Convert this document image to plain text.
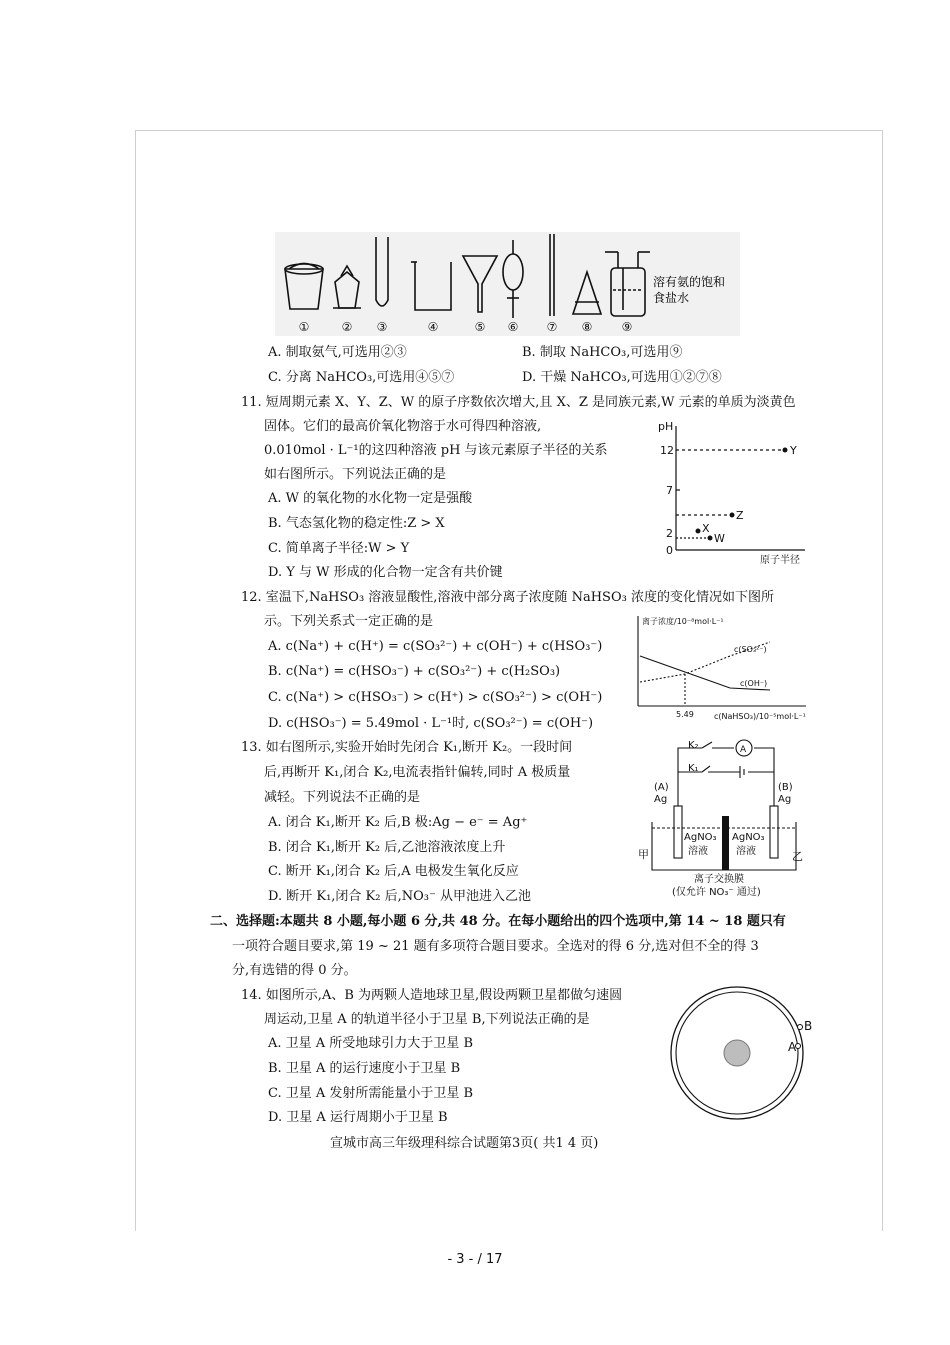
①	② ③	④	⑤ ⑥ ⑦ ⑧ ⑨
溶有氨的饱和
食盐水
A. 制取氨气,可选用②③	B. 制取 NaHCO₃,可选用⑨
C. 分离 NaHCO₃,可选用④⑤⑦	D. 干燥 NaHCO₃,可选用①②⑦⑧
11. 短周期元素 X、Y、Z、W 的原子序数依次增大,且 X、Z 是同族元素,W 元素的单质为淡黄色
固体。它们的最高价氧化物溶于水可得四种溶液,
0.010mol · L⁻¹的这四种溶液 pH 与该元素原子半径的关系
如右图所示。下列说法正确的是
A. W 的氧化物的水化物一定是强酸
B. 气态氢化物的稳定性:Z > X
C. 简单离子半径:W > Y
D. Y 与 W 形成的化合物一定含有共价键
pH
12
7
2
0
Y
Z
X
W
原子半径
12. 室温下,NaHSO₃ 溶液显酸性,溶液中部分离子浓度随 NaHSO₃ 浓度的变化情况如下图所
示。下列关系式一定正确的是
A. c(Na⁺) + c(H⁺) = c(SO₃²⁻) + c(OH⁻) + c(HSO₃⁻)
B. c(Na⁺) = c(HSO₃⁻) + c(SO₃²⁻) + c(H₂SO₃)
C. c(Na⁺) > c(HSO₃⁻) > c(H⁺) > c(SO₃²⁻) > c(OH⁻)
D. c(HSO₃⁻) = 5.49mol · L⁻¹时, c(SO₃²⁻) = c(OH⁻)
离子浓度/10⁻⁸mol·L⁻¹
c(SO₃²⁻)
c(OH⁻)
5.49	c(NaHSO₃)/10⁻⁵mol·L⁻¹
13. 如右图所示,实验开始时先闭合 K₁,断开 K₂。一段时间
后,再断开 K₁,闭合 K₂,电流表指针偏转,同时 A 极质量
减轻。下列说法不正确的是
A. 闭合 K₁,断开 K₂ 后,B 极:Ag − e⁻ = Ag⁺
B. 闭合 K₁,断开 K₂ 后,乙池溶液浓度上升
C. 断开 K₁,闭合 K₂ 后,A 电极发生氧化反应
D. 断开 K₁,闭合 K₂ 后,NO₃⁻ 从甲池进入乙池
K₂
K₁
A
(A)
Ag
(B)
Ag
AgNO₃
溶液
AgNO₃
溶液
甲	乙
离子交换膜
(仅允许 NO₃⁻ 通过)
二、选择题:本题共 8 小题,每小题 6 分,共 48 分。在每小题给出的四个选项中,第 14 ~ 18 题只有
一项符合题目要求,第 19 ~ 21 题有多项符合题目要求。全选对的得 6 分,选对但不全的得 3
分,有选错的得 0 分。
14. 如图所示,A、B 为两颗人造地球卫星,假设两颗卫星都做匀速圆
周运动,卫星 A 的轨道半径小于卫星 B,下列说法正确的是
A. 卫星 A 所受地球引力大于卫星 B
B. 卫星 A 的运行速度小于卫星 B
C. 卫星 A 发射所需能量小于卫星 B
D. 卫星 A 运行周期小于卫星 B
A
B
宣城市高三年级理科综合试题第3页( 共1 4 页)
- 3 - / 17
